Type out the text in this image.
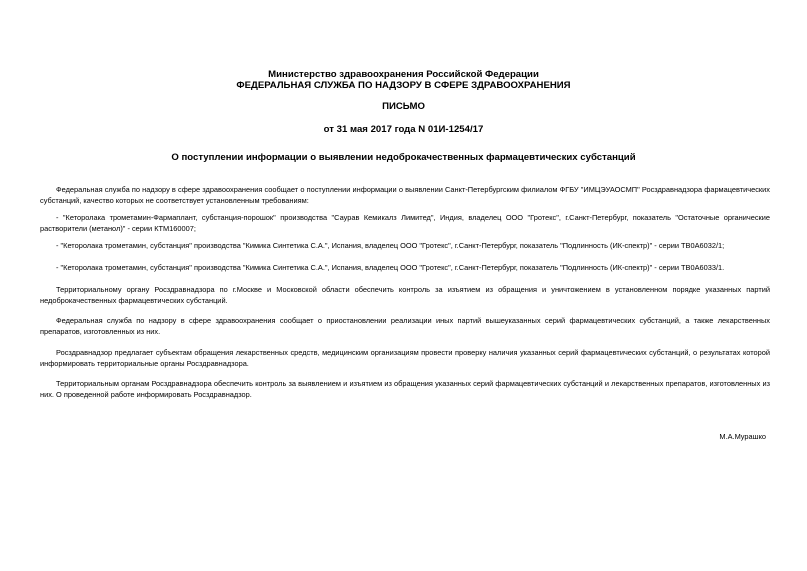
Министерство здравоохранения Российской Федерации
ФЕДЕРАЛЬНАЯ СЛУЖБА ПО НАДЗОРУ В СФЕРЕ ЗДРАВООХРАНЕНИЯ
ПИСЬМО
от 31 мая 2017 года N 01И-1254/17
О поступлении информации о выявлении недоброкачественных фармацевтических субстанций
Федеральная служба по надзору в сфере здравоохранения сообщает о поступлении информации о выявлении Санкт-Петербургским филиалом ФГБУ "ИМЦЭУАОСМП" Росздравнадзора фармацевтических субстанций, качество которых не соответствует установленным требованиям:
- "Кеторолака трометамин-Фармаплант, субстанция-порошок" производства "Саурав Кемикалз Лимитед", Индия, владелец ООО "Гротекс", г.Санкт-Петербург, показатель "Остаточные органические растворители (метанол)" - серии КТМ160007;
- "Кеторолака трометамин, субстанция" производства "Кимика Синтетика С.А.", Испания, владелец ООО "Гротекс", г.Санкт-Петербург, показатель "Подлинность (ИК-спектр)" - серии ТВ0А6032/1;
- "Кеторолака трометамин, субстанция" производства "Кимика Синтетика С.А.", Испания, владелец ООО "Гротекс", г.Санкт-Петербург, показатель "Подлинность (ИК-спектр)" - серии ТВ0А6033/1.
Территориальному органу Росздравнадзора по г.Москве и Московской области обеспечить контроль за изъятием из обращения и уничтожением в установленном порядке указанных партий недоброкачественных фармацевтических субстанций.
Федеральная служба по надзору в сфере здравоохранения сообщает о приостановлении реализации иных партий вышеуказанных серий фармацевтических субстанций, а также лекарственных препаратов, изготовленных из них.
Росздравнадзор предлагает субъектам обращения лекарственных средств, медицинским организациям провести проверку наличия указанных серий фармацевтических субстанций, о результатах которой информировать территориальные органы Росздравнадзора.
Территориальным органам Росздравнадзора обеспечить контроль за выявлением и изъятием из обращения указанных серий фармацевтических субстанций и лекарственных препаратов, изготовленных из них. О проведенной работе информировать Росздравнадзор.
М.А.Мурашко
